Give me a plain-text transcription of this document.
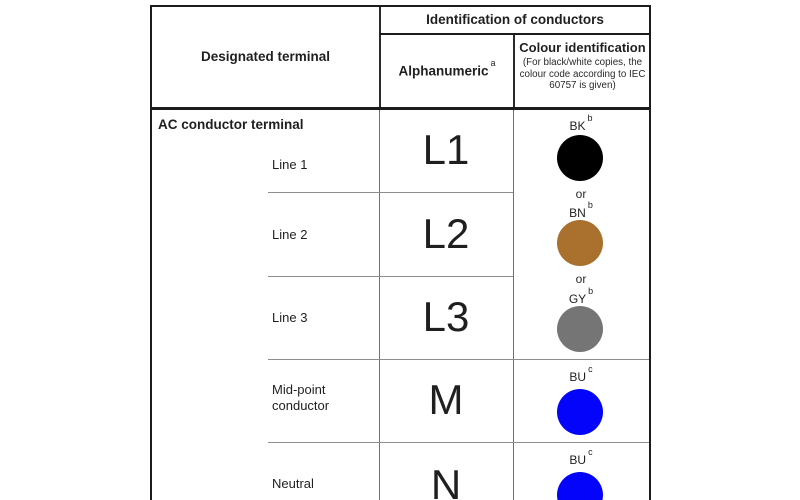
Designated terminal
Identification of conductors
Alphanumeric$^a$
Colour identification
(For black/white copies, the colour code according to IEC 60757 is given)
AC conductor terminal
Line 1
Line 2
Line 3
Mid-point conductor
Neutral
L1
L2
L3
M
N
BK$^b$
or
BN$^b$
or
GY$^b$
BU$^c$
BU$^c$
